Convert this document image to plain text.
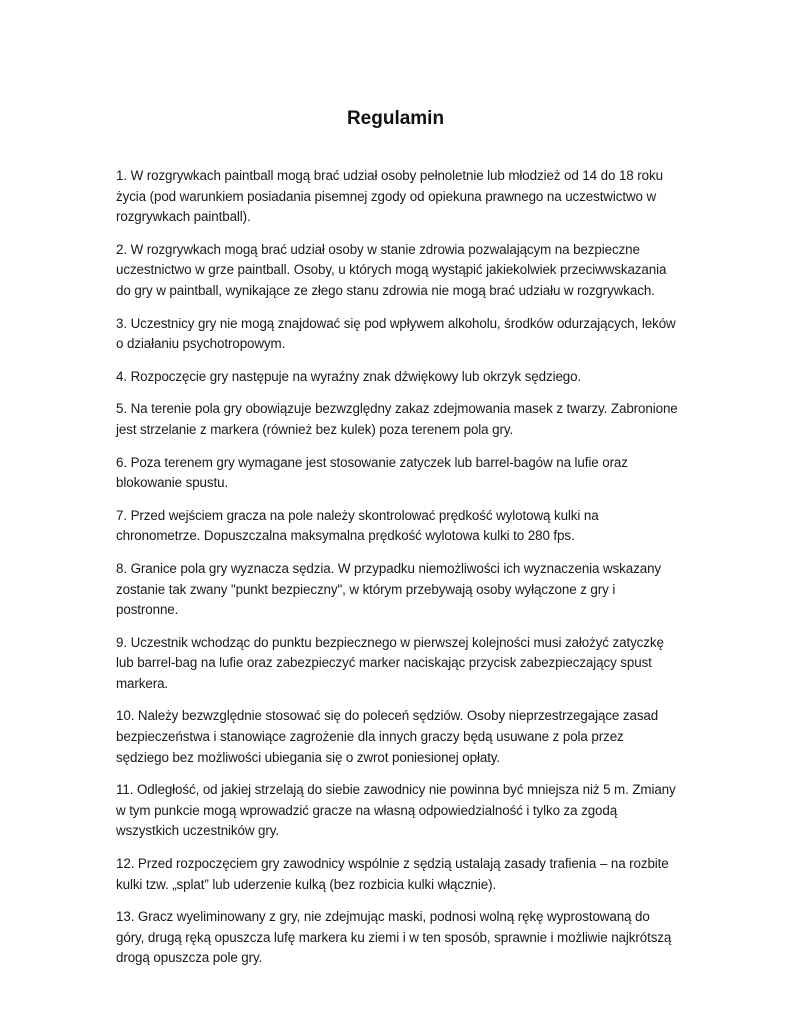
Regulamin
1. W rozgrywkach paintball mogą brać udział osoby pełnoletnie lub młodzież od 14 do 18 roku życia (pod warunkiem posiadania pisemnej zgody od opiekuna prawnego na uczestwictwo w rozgrywkach paintball).
2. W rozgrywkach mogą brać udział osoby w stanie zdrowia pozwalającym na bezpieczne uczestnictwo w grze paintball. Osoby, u których mogą wystąpić jakiekolwiek przeciwwskazania do gry w paintball, wynikające ze złego stanu zdrowia nie mogą brać udziału w rozgrywkach.
3. Uczestnicy gry nie mogą znajdować się pod wpływem alkoholu, środków odurzających, leków o działaniu psychotropowym.
4. Rozpoczęcie gry następuje na wyraźny znak dźwiękowy lub okrzyk sędziego.
5. Na terenie pola gry obowiązuje bezwzględny zakaz zdejmowania masek z twarzy. Zabronione jest strzelanie z markera (również bez kulek) poza terenem pola gry.
6. Poza terenem gry wymagane jest stosowanie zatyczek lub barrel-bagów na lufie oraz blokowanie spustu.
7. Przed wejściem gracza na pole należy skontrolować prędkość wylotową kulki na chronometrze. Dopuszczalna maksymalna prędkość wylotowa kulki to 280 fps.
8. Granice pola gry wyznacza sędzia. W przypadku niemożliwości ich wyznaczenia wskazany zostanie tak zwany "punkt bezpieczny", w którym przebywają osoby wyłączone z gry i postronne.
9. Uczestnik wchodząc do punktu bezpiecznego w pierwszej kolejności musi założyć zatyczkę lub barrel-bag na lufie oraz zabezpieczyć marker naciskając przycisk zabezpieczający spust markera.
10. Należy bezwzględnie stosować się do poleceń sędziów. Osoby nieprzestrzegające zasad bezpieczeństwa i stanowiące zagrożenie dla innych graczy będą usuwane z pola przez sędziego bez możliwości ubiegania się o zwrot poniesionej opłaty.
11. Odległość, od jakiej strzelają do siebie zawodnicy nie powinna być mniejsza niż 5 m. Zmiany w tym punkcie mogą wprowadzić gracze na własną odpowiedzialność i tylko za zgodą wszystkich uczestników gry.
12. Przed rozpoczęciem gry zawodnicy wspólnie z sędzią ustalają zasady trafienia – na rozbite kulki tzw. „splat” lub uderzenie kulką (bez rozbicia kulki włącznie).
13. Gracz wyeliminowany z gry, nie zdejmując maski, podnosi wolną rękę wyprostowaną do góry, drugą ręką opuszcza lufę markera ku ziemi i w ten sposób, sprawnie i możliwie najkrótszą drogą opuszcza pole gry.
